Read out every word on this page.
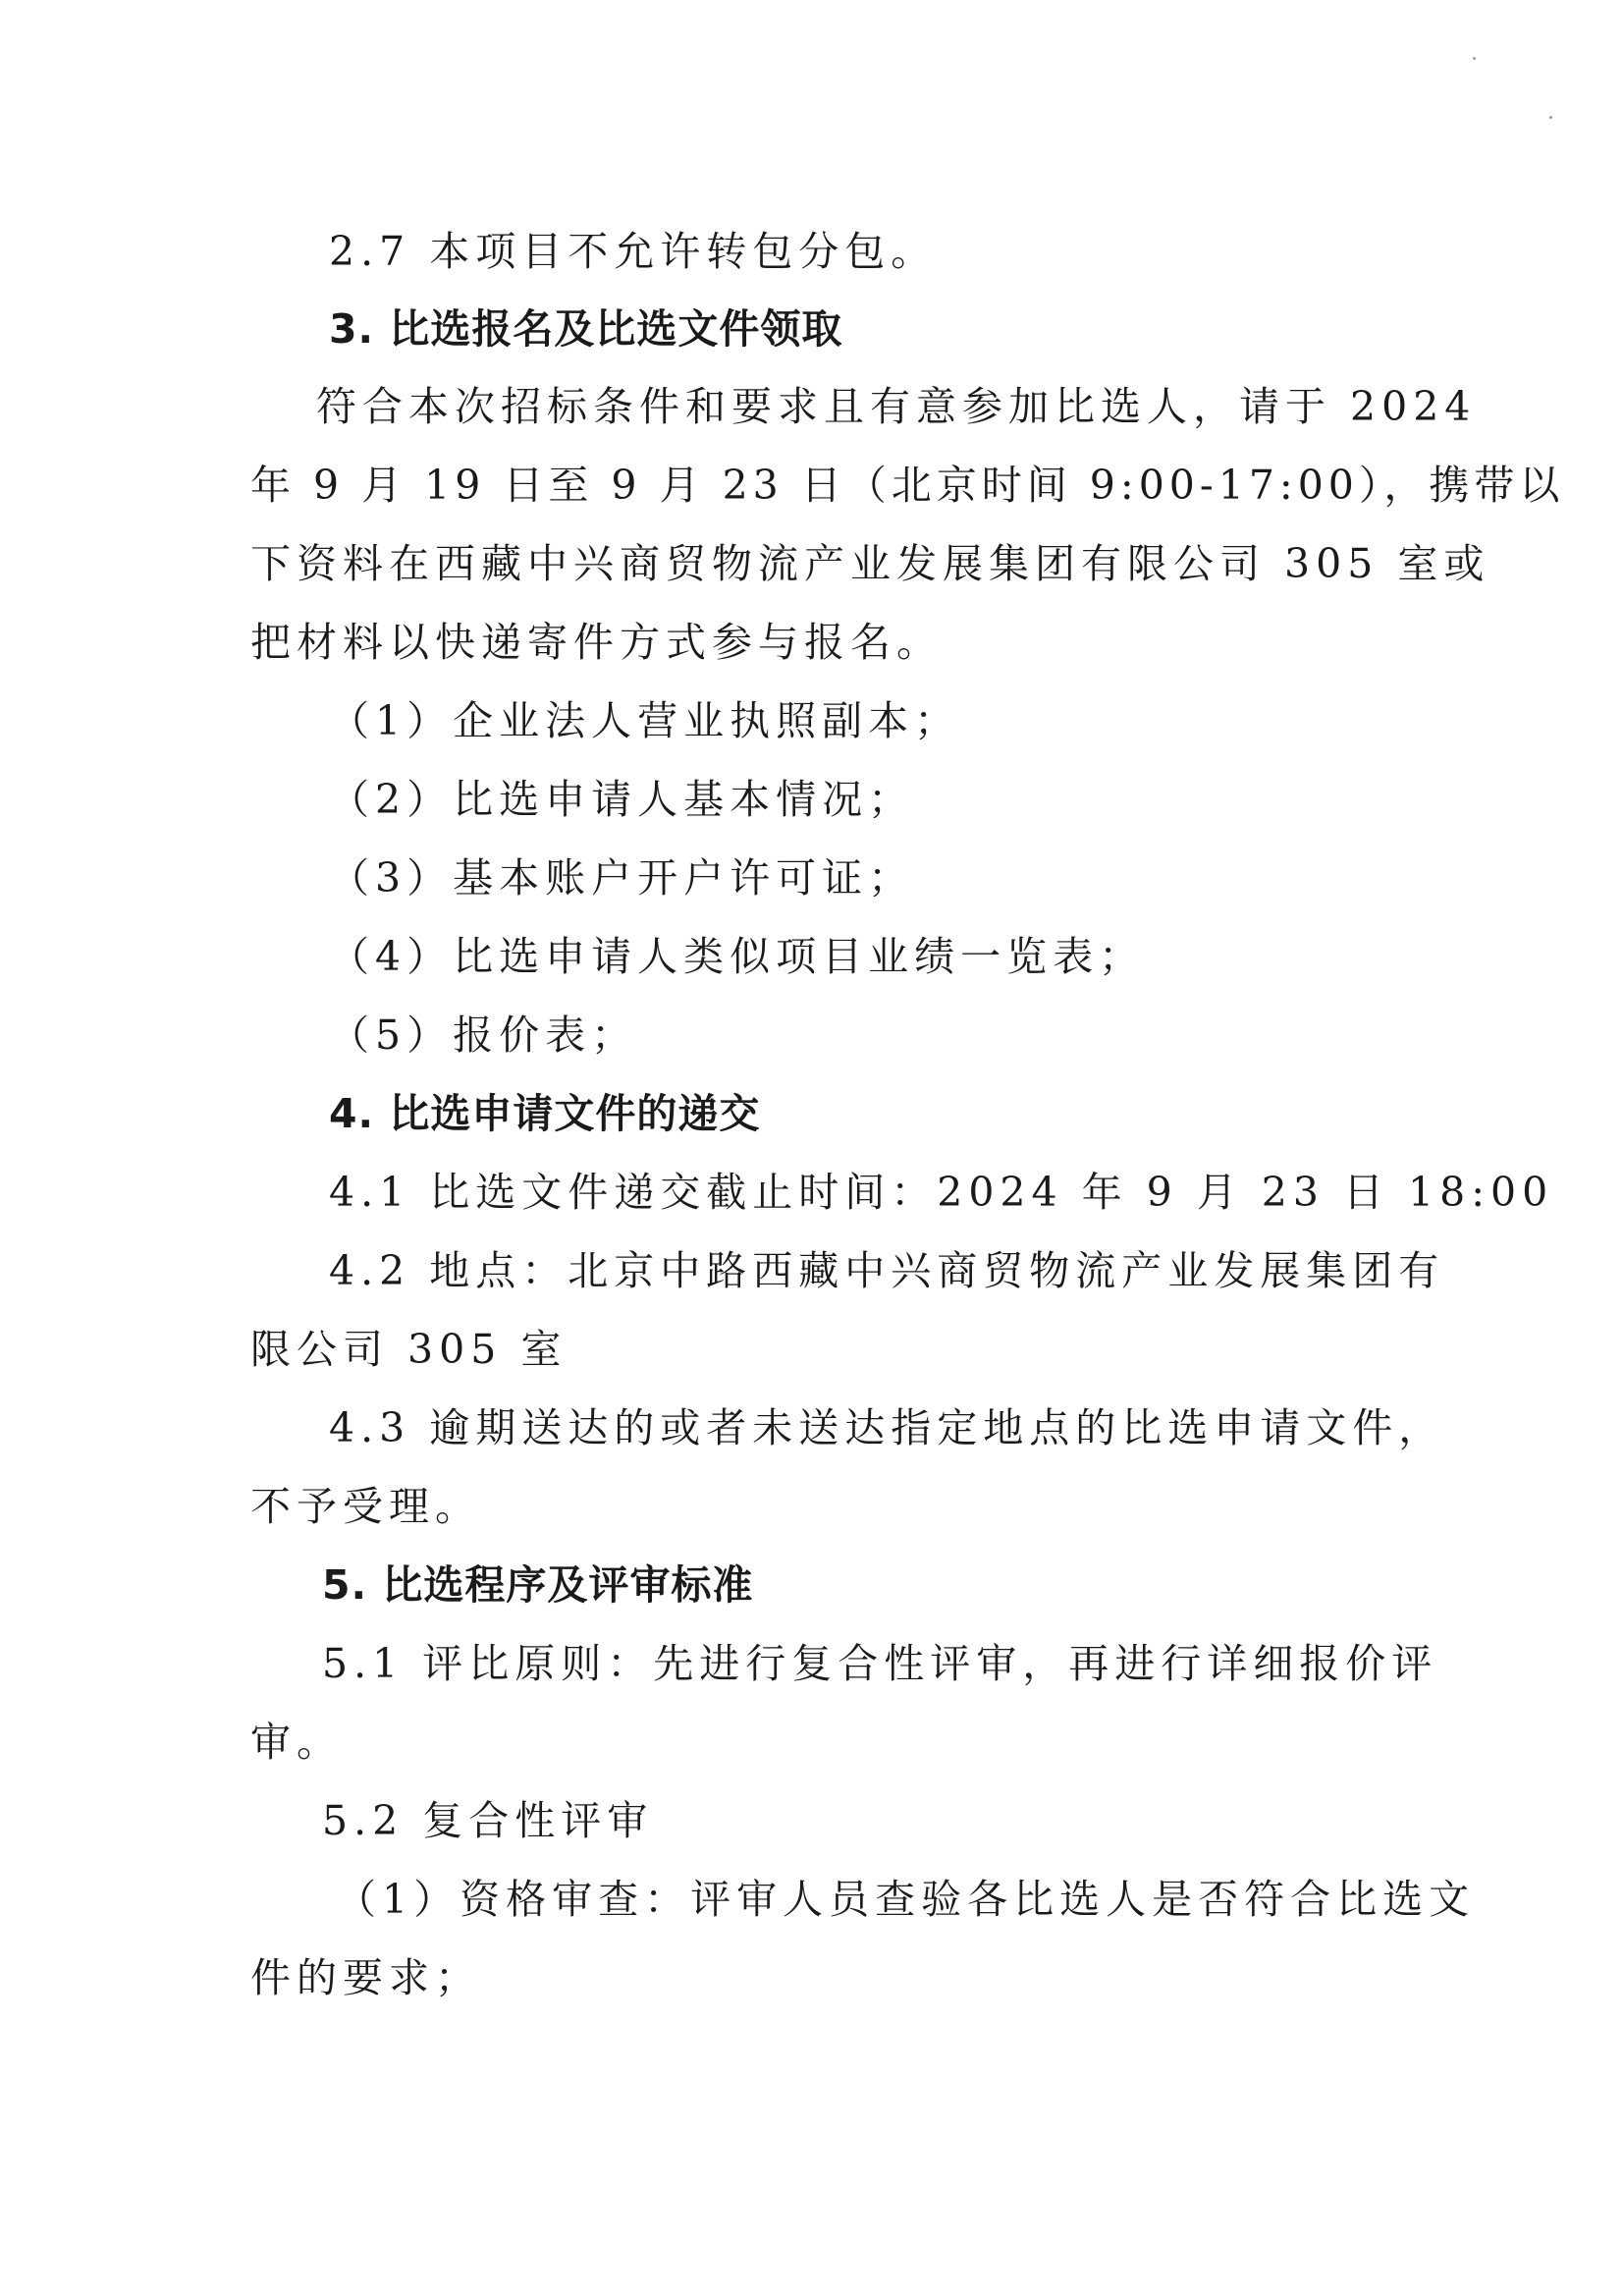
2.7 本项目不允许转包分包。
3. 比选报名及比选文件领取
符合本次招标条件和要求且有意参加比选人，请于 2024
年 9 月 19 日至 9 月 23 日（北京时间 9:00-17:00），携带以
下资料在西藏中兴商贸物流产业发展集团有限公司 305 室或
把材料以快递寄件方式参与报名。
（1）企业法人营业执照副本；
（2）比选申请人基本情况；
（3）基本账户开户许可证；
（4）比选申请人类似项目业绩一览表；
（5）报价表；
4. 比选申请文件的递交
4.1 比选文件递交截止时间：2024 年 9 月 23 日 18:00
4.2 地点：北京中路西藏中兴商贸物流产业发展集团有
限公司 305 室
4.3 逾期送达的或者未送达指定地点的比选申请文件，
不予受理。
5. 比选程序及评审标准
5.1 评比原则：先进行复合性评审，再进行详细报价评
审。
5.2 复合性评审
（1）资格审查：评审人员查验各比选人是否符合比选文
件的要求；
